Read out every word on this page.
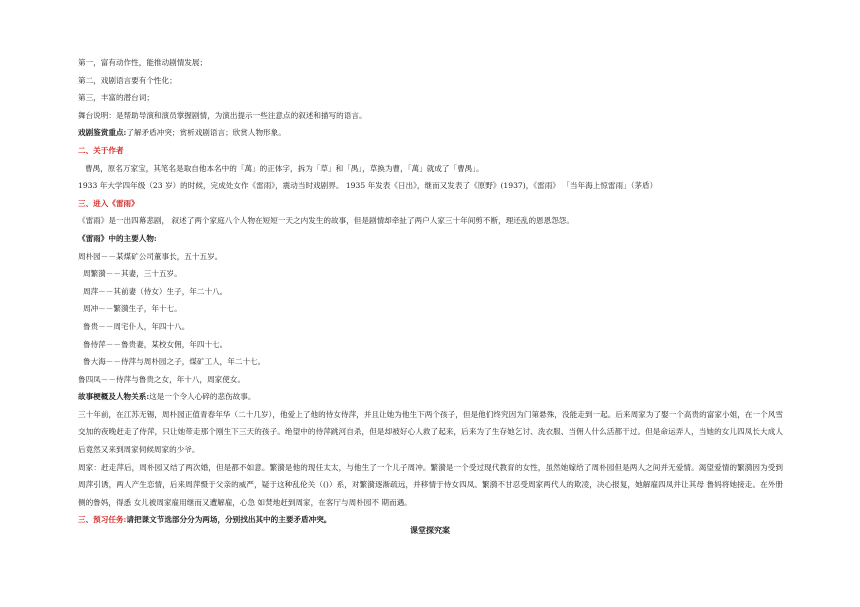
第一，富有动作性，能推动剧情发展；
第二，戏剧语言要有个性化；
第三，丰富的潜台词；
舞台说明：是帮助导演和演员掌握剧情，为演出提示一些注意点的叙述和描写的语言。
戏剧鉴赏重点:了解矛盾冲突；赏析戏剧语言；欣赏人物形象。
二、关于作者
曹禺，原名万家宝，其笔名是取自他本名中的「萬」的正体字，拆为「草」和「禺」，草换为曹，「萬」就成了「曹禺」。
1933 年大学四年级（23 岁）的时候，完成处女作《雷雨》，震动当时戏剧界。 1935 年发表《日出》，继而又发表了《原野》(1937)，《雷雨》 「当年海上惊雷雨」（茅盾）
三、进入《雷雨》
《雷雨》是一出四幕悲剧， 叙述了两个家庭八个人物在短短一天之内发生的故事，但是剧情却牵扯了两户人家三十年间剪不断，理还乱的恩恩怨怨。
《雷雨》中的主要人物:
周朴园－－某煤矿公司董事长，五十五岁。
周繁漪－－其妻，三十五岁。
周萍－－其前妻（侍女）生子，年二十八。
周冲－－繁漪生子，年十七。
鲁贵－－周宅仆人，年四十八。
鲁侍萍－－鲁贵妻，某校女佣，年四十七。
鲁大海－－侍萍与周朴园之子，煤矿工人，年二十七。
鲁四凤－－侍萍与鲁贵之女，年十八，周家使女。
故事梗概及人物关系:这是一个令人心碎的悲伤故事。
三十年前，在江苏无锡，周朴园正值青春年华（二十几岁），他爱上了他的侍女侍萍，并且让她为他生下两个孩子，但是他们终究因为门第悬殊，没能走到一起。后来周家为了娶一个高贵的富家小姐，在一个风雪交加的夜晚赶走了侍萍，只让她带走那个刚生下三天的孩子。绝望中的侍萍跳河自杀，但是却被好心人救了起来，后来为了生存她乞讨、洗衣服、当佣人什么活都干过。但是命运弄人，当她的女儿四凤长大成人后竟然又来到周家伺候周家的少爷。
周家：赶走萍后，周朴园又结了两次婚，但是都不如意。繁漪是他的现任太太，与他生了一个儿子周冲。繁漪是一个受过现代教育的女性，虽然她嫁给了周朴园但是两人之间并无爱情。渴望爱情的繁漪因为受到周萍引诱，两人产生恋情，后来周萍慑于父亲的威严，疑于这种乱伦关（()）系，对繁漪逐渐疏远，并移情于侍女四凤。繁漪不甘忍受周家两代人的欺凌，决心报复，她解雇四凤并让其母 鲁妈将她接走。在外册侧的鲁妈，得悉 女儿被周家雇用继而又遭解雇，心急 如焚地赶到周家，在客厅与周朴园不 期而遇。
三、预习任务:请把课文节选部分分为两场，分别找出其中的主要矛盾冲突。
课堂探究案
